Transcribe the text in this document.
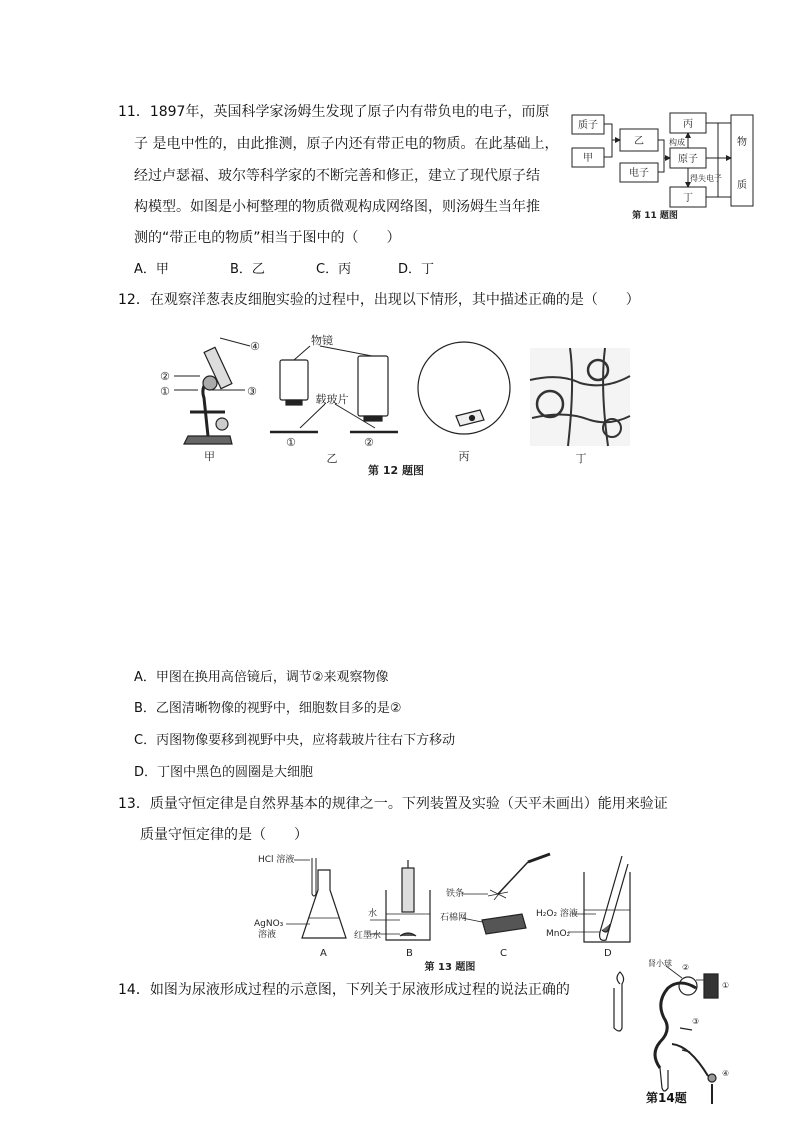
11．1897年，英国科学家汤姆生发现了原子内有带负电的电子，而原
子 是电中性的，由此推测，原子内还有带正电的物质。在此基础上，
经过卢瑟福、玻尔等科学家的不断完善和修正，建立了现代原子结
构模型。如图是小柯整理的物质微观构成网络图，则汤姆生当年推
测的“带正电的物质”相当于图中的（　　）
A．甲	B．乙	C．丙	D．丁
质子
甲
乙
电子
丙
原子
丁
物
质
构成
得失电子
第 11 题图
12．在观察洋葱表皮细胞实验的过程中，出现以下情形，其中描述正确的是（　　）
④
②
①	③
甲
物镜
载玻片
①	②
乙	丙	丁
第 12 题图
A．甲图在换用高倍镜后，调节②来观察物像
B．乙图清晰物像的视野中，细胞数目多的是②
C．丙图物像要移到视野中央，应将载玻片往右下方移动
D．丁图中黑色的圆圈是大细胞
13．质量守恒定律是自然界基本的规律之一。下列装置及实验（天平未画出）能用来验证
质量守恒定律的是（　　）
HCl 溶液
AgNO₃
溶液
A
水
红墨水
B
铁条
石棉网
C
H₂O₂ 溶液
MnO₂
D
第 13 题图
14．如图为尿液形成过程的示意图，下列关于尿液形成过程的说法正确的
肾小球
①
②
③
④
第14题
